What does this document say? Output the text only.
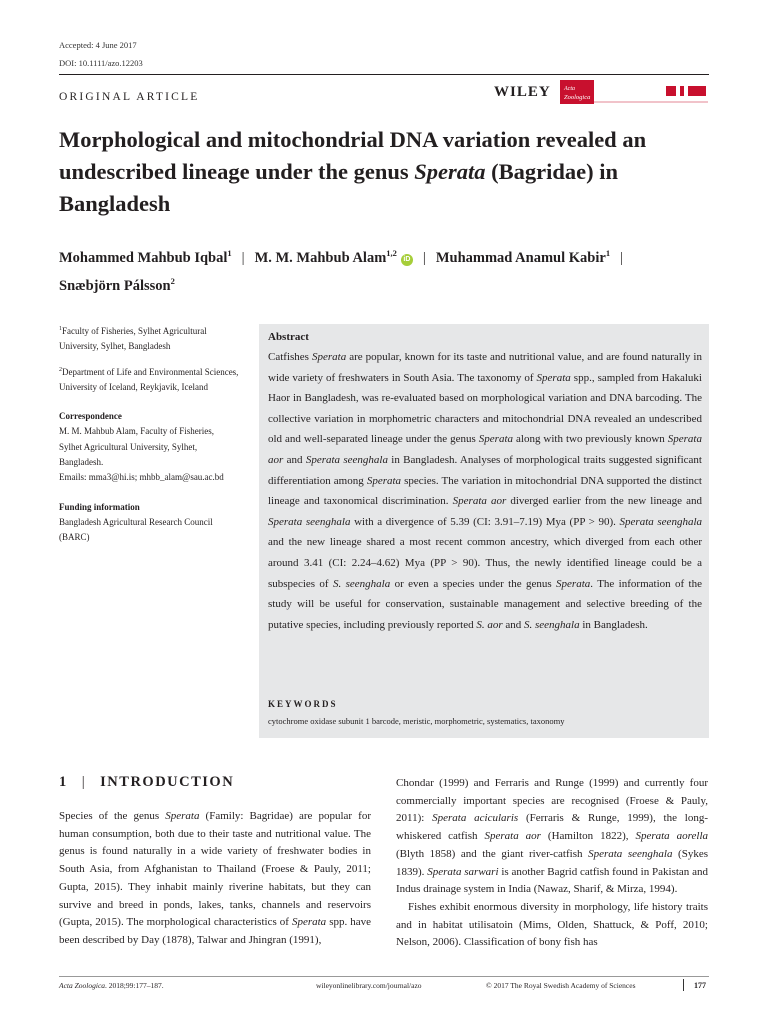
Accepted: 4 June 2017
DOI: 10.1111/azo.12203
ORIGINAL ARTICLE	WILEY Acta
Zoologica
Morphological and mitochondrial DNA variation revealed an undescribed lineage under the genus Sperata (Bagridae) in Bangladesh
Mohammed Mahbub Iqbal$^1$ | M. M. Mahbub Alam$^{1,2}$iD | Muhammad Anamul Kabir$^1$ |
Snæbjörn Pálsson$^2$

$^1$Faculty of Fisheries, Sylhet Agricultural University, Sylhet, Bangladesh

$^2$Department of Life and Environmental Sciences, University of Iceland, Reykjavik, Iceland

Correspondence
M. M. Mahbub Alam, Faculty of Fisheries, Sylhet Agricultural University, Sylhet, Bangladesh.
Emails: mma3@hi.is; mhbb_alam@sau.ac.bd

Funding information
Bangladesh Agricultural Research Council (BARC)

Abstract
Catfishes Sperata are popular, known for its taste and nutritional value, and are found naturally in wide variety of freshwaters in South Asia. The taxonomy of Sperata spp., sampled from Hakaluki Haor in Bangladesh, was re-evaluated based on morphological variation and DNA barcoding. The collective variation in morphometric characters and mitochondrial DNA revealed an undescribed old and well-separated lineage under the genus Sperata along with two previously known Sperata aor and Sperata seenghala in Bangladesh. Analyses of morphological traits suggested significant differentiation among Sperata species. The variation in mitochondrial DNA supported the distinct lineage and taxonomical discrimination. Sperata aor diverged earlier from the new lineage and Sperata seenghala with a divergence of 5.39 (CI: 3.91–7.19) Mya (PP > 90). Sperata seenghala and the new lineage shared a most recent common ancestry, which diverged from each other around 3.41 (CI: 2.24–4.62) Mya (PP > 90). Thus, the newly identified lineage could be a subspecies of S. seenghala or even a species under the genus Sperata. The information of the study will be useful for conservation, sustainable management and selective breeding of the putative species, including previously reported S. aor and S. seenghala in Bangladesh.
KEYWORDS
cytochrome oxidase subunit 1 barcode, meristic, morphometric, systematics, taxonomy
1 | INTRODUCTION

Species of the genus Sperata (Family: Bagridae) are popular for human consumption, both due to their taste and nutritional value. The genus is found naturally in a wide variety of freshwater bodies in South Asia, from Afghanistan to Thailand (Froese & Pauly, 2011; Gupta, 2015). They inhabit mainly riverine habitats, but they can survive and breed in ponds, lakes, tanks, channels and reservoirs (Gupta, 2015). The morphological characteristics of Sperata spp. have been described by Day (1878), Talwar and Jhingran (1991),

Chondar (1999) and Ferraris and Runge (1999) and currently four commercially important species are recognised (Froese & Pauly, 2011): Sperata acicularis (Ferraris & Runge, 1999), the long-whiskered catfish Sperata aor (Hamilton 1822), Sperata aorella (Blyth 1858) and the giant river-catfish Sperata seenghala (Sykes 1839). Sperata sarwari is another Bagrid catfish found in Pakistan and Indus drainage system in India (Nawaz, Sharif, & Mirza, 1994).

Fishes exhibit enormous diversity in morphology, life history traits and in habitat utilisatoin (Mims, Olden, Shattuck, & Poff, 2010; Nelson, 2006). Classification of bony fish has

Acta Zoologica. 2018;99:177–187.	wileyonlinelibrary.com/journal/azo	© 2017 The Royal Swedish Academy of Sciences	177
